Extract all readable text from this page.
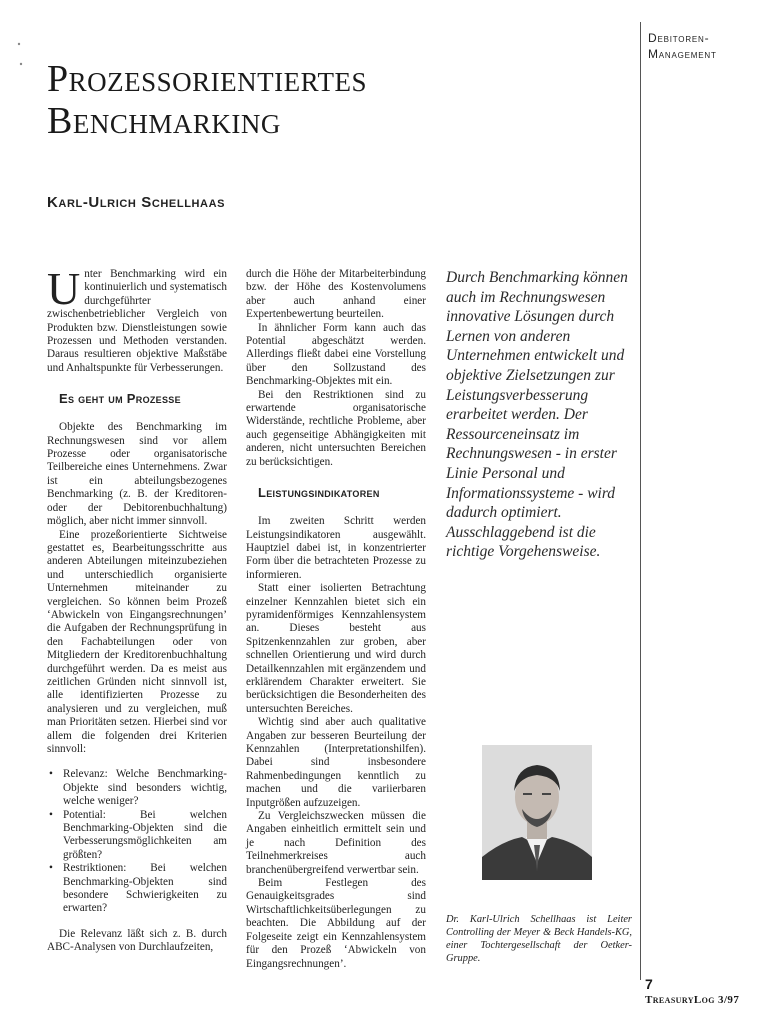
Debitoren-
Management
Prozessorientiertes
Benchmarking
Karl-Ulrich Schellhaas

Unter Benchmarking wird ein kontinuierlich und systematisch durchgeführter zwischenbetrieblicher Vergleich von Produkten bzw. Dienstleistungen sowie Prozessen und Methoden verstanden. Daraus resultieren objektive Maßstäbe und Anhaltspunkte für Verbesserungen.

Es geht um Prozesse

Objekte des Benchmarking im Rechnungswesen sind vor allem Prozesse oder organisatorische Teilbereiche eines Unternehmens. Zwar ist ein abteilungsbezogenes Benchmarking (z. B. der Kreditoren- oder der Debitorenbuchhaltung) möglich, aber nicht immer sinnvoll.

Eine prozeßorientierte Sichtweise gestattet es, Bearbeitungsschritte aus anderen Abteilungen miteinzubeziehen und unterschiedlich organisierte Unternehmen miteinander zu vergleichen. So können beim Prozeß ‘Abwickeln von Eingangsrechnungen’ die Aufgaben der Rechnungsprüfung in den Fachabteilungen oder von Mitgliedern der Kreditorenbuchhaltung durchgeführt werden. Da es meist aus zeitlichen Gründen nicht sinnvoll ist, alle identifizierten Prozesse zu analysieren und zu vergleichen, muß man Prioritäten setzen. Hierbei sind vor allem die folgenden drei Kriterien sinnvoll:

• Relevanz: Welche Benchmarking-Objekte sind besonders wichtig, welche weniger?
• Potential: Bei welchen Benchmarking-Objekten sind die Verbesserungsmöglichkeiten am größten?
• Restriktionen: Bei welchen Benchmarking-Objekten sind besondere Schwierigkeiten zu erwarten?

Die Relevanz läßt sich z. B. durch ABC-Analysen von Durchlaufzeiten,

durch die Höhe der Mitarbeiterbindung bzw. der Höhe des Kostenvolumens aber auch anhand einer Expertenbewertung beurteilen.

In ähnlicher Form kann auch das Potential abgeschätzt werden. Allerdings fließt dabei eine Vorstellung über den Sollzustand des Benchmarking-Objektes mit ein.

Bei den Restriktionen sind zu erwartende organisatorische Widerstände, rechtliche Probleme, aber auch gegenseitige Abhängigkeiten mit anderen, nicht untersuchten Bereichen zu berücksichtigen.

Leistungsindikatoren

Im zweiten Schritt werden Leistungsindikatoren ausgewählt. Hauptziel dabei ist, in konzentrierter Form über die betrachteten Prozesse zu informieren.

Statt einer isolierten Betrachtung einzelner Kennzahlen bietet sich ein pyramidenförmiges Kennzahlensystem an. Dieses besteht aus Spitzenkennzahlen zur groben, aber schnellen Orientierung und wird durch Detailkennzahlen mit ergänzendem und erklärendem Charakter erweitert. Sie berücksichtigen die Besonderheiten des untersuchten Bereiches.

Wichtig sind aber auch qualitative Angaben zur besseren Beurteilung der Kennzahlen (Interpretationshilfen). Dabei sind insbesondere Rahmenbedingungen kenntlich zu machen und die variierbaren Inputgrößen aufzuzeigen.

Zu Vergleichszwecken müssen die Angaben einheitlich ermittelt sein und je nach Definition des Teilnehmerkreises auch branchenübergreifend verwertbar sein.

Beim Festlegen des Genauigkeitsgrades sind Wirtschaftlichkeitsüberlegungen zu beachten. Die Abbildung auf der Folgeseite zeigt ein Kennzahlensystem für den Prozeß ‘Abwickeln von Eingangsrechnungen’.

Durch Benchmarking können auch im Rechnungswesen innovative Lösungen durch Lernen von anderen Unternehmen entwickelt und objektive Zielsetzungen zur Leistungsverbesserung erarbeitet werden. Der Ressourceneinsatz im Rechnungswesen - in erster Linie Personal und Informationssysteme - wird dadurch optimiert. Ausschlaggebend ist die richtige Vorgehensweise.
Dr. Karl-Ulrich Schellhaas ist Leiter Controlling der Meyer & Beck Handels-KG, einer Tochtergesellschaft der Oetker-Gruppe.
7
TreasuryLog 3/97
